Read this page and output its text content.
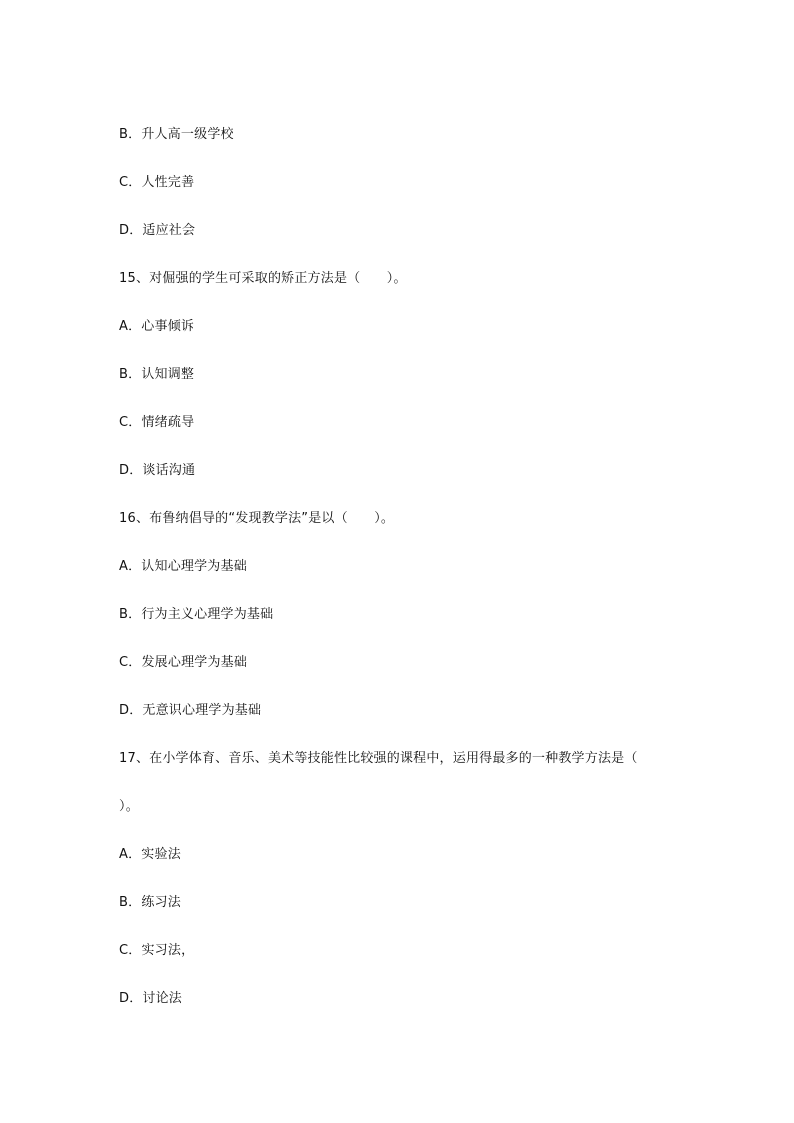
B．升人高一级学校
C．人性完善
D．适应社会
15、对倔强的学生可采取的矫正方法是（　　）。
A．心事倾诉
B．认知调整
C．情绪疏导
D．谈话沟通
16、布鲁纳倡导的“发现教学法”是以（　　）。
A．认知心理学为基础
B．行为主义心理学为基础
C．发展心理学为基础
D．无意识心理学为基础
17、在小学体育、音乐、美术等技能性比较强的课程中，运用得最多的一种教学方法是（
）。
A．实验法
B．练习法
C．实习法，
D．讨论法
